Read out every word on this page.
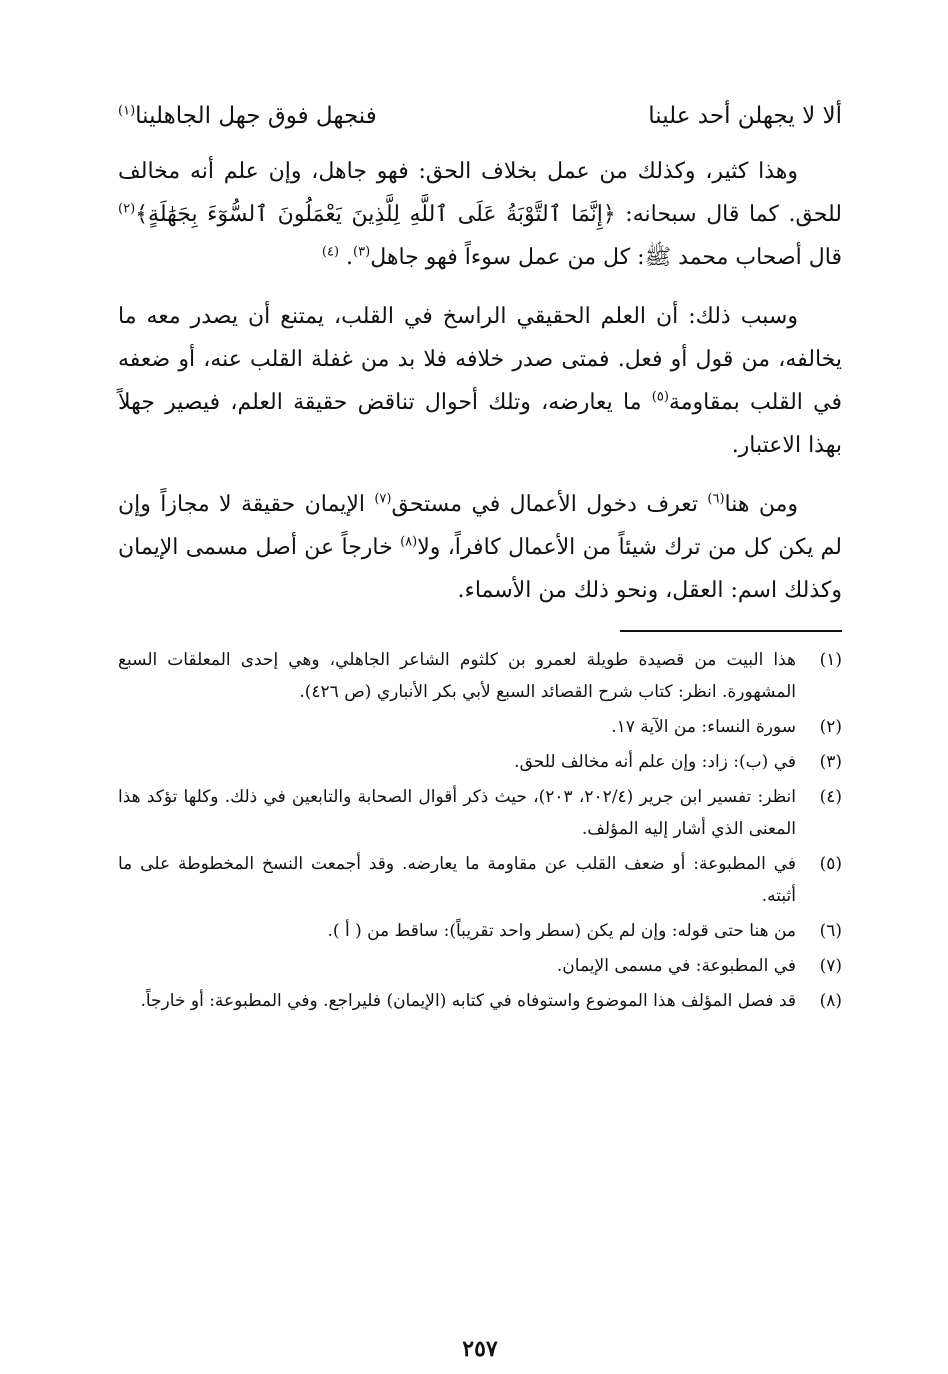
ألا لا يجهلن أحد علينا
فنجهل فوق جهل الجاهلينا$^{(١)}$

وهذا كثير، وكذلك من عمل بخلاف الحق: فهو جاهل، وإن علم أنه مخالف للحق. كما قال سبحانه: ﴿إِنَّمَا ٱلتَّوْبَةُ عَلَى ٱللَّهِ لِلَّذِينَ يَعْمَلُونَ ٱلسُّوٓءَ بِجَهَٰلَةٍ﴾$^{(٢)}$ قال أصحاب محمد ﷺ: كل من عمل سوءاً فهو جاهل$^{(٣)}$. $^{(٤)}$

وسبب ذلك: أن العلم الحقيقي الراسخ في القلب، يمتنع أن يصدر معه ما يخالفه، من قول أو فعل. فمتى صدر خلافه فلا بد من غفلة القلب عنه، أو ضعفه في القلب بمقاومة$^{(٥)}$ ما يعارضه، وتلك أحوال تناقض حقيقة العلم، فيصير جهلاً بهذا الاعتبار.

ومن هنا$^{(٦)}$ تعرف دخول الأعمال في مستحق$^{(٧)}$ الإيمان حقيقة لا مجازاً وإن لم يكن كل من ترك شيئاً من الأعمال كافراً، ولا$^{(٨)}$ خارجاً عن أصل مسمى الإيمان وكذلك اسم: العقل، ونحو ذلك من الأسماء.

(١)
هذا البيت من قصيدة طويلة لعمرو بن كلثوم الشاعر الجاهلي، وهي إحدى المعلقات السبع المشهورة. انظر: كتاب شرح القصائد السبع لأبي بكر الأنباري (ص ٤٢٦).
(٢)
سورة النساء: من الآية ١٧.
(٣)
في (ب): زاد: وإن علم أنه مخالف للحق.
(٤)
انظر: تفسير ابن جرير (٢٠٢/٤، ٢٠٣)، حيث ذكر أقوال الصحابة والتابعين في ذلك. وكلها تؤكد هذا المعنى الذي أشار إليه المؤلف.
(٥)
في المطبوعة: أو ضعف القلب عن مقاومة ما يعارضه. وقد أجمعت النسخ المخطوطة على ما أثبته.
(٦)
من هنا حتى قوله: وإن لم يكن (سطر واحد تقريباً): ساقط من ( أ ).
(٧)
في المطبوعة: في مسمى الإيمان.
(٨)
قد فصل المؤلف هذا الموضوع واستوفاه في كتابه (الإيمان) فليراجع. وفي المطبوعة: أو خارجاً.
٢٥٧
